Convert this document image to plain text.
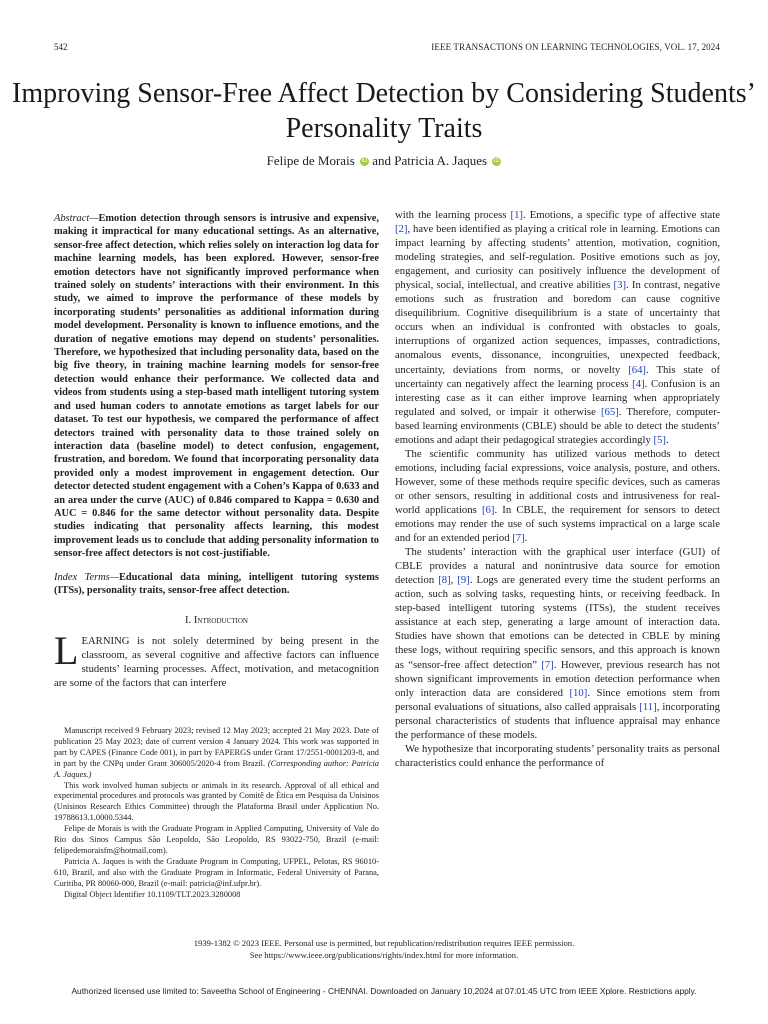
542	IEEE TRANSACTIONS ON LEARNING TECHNOLOGIES, VOL. 17, 2024
Improving Sensor-Free Affect Detection by Considering Students’ Personality Traits
Felipe de Morais iD and Patricia A. Jaques iD

Abstract—Emotion detection through sensors is intrusive and expensive, making it impractical for many educational settings. As an alternative, sensor-free affect detection, which relies solely on interaction log data for machine learning models, has been explored. However, sensor-free emotion detectors have not significantly improved performance when trained solely on students’ interactions with their environment. In this study, we aimed to improve the performance of these models by incorporating students’ personalities as additional information during model development. Personality is known to influence emotions, and the duration of negative emotions may depend on students’ personalities. Therefore, we hypothesized that including personality data, based on the big five theory, in training machine learning models for sensor-free detection would enhance their performance. We collected data and videos from students using a step-based math intelligent tutoring system and used human coders to annotate emotions as target labels for our dataset. To test our hypothesis, we compared the performance of affect detectors trained with personality data to those trained solely on interaction data (baseline model) to detect confusion, engagement, frustration, and boredom. We found that incorporating personality data provided only a modest improvement in engagement detection. Our detector detected student engagement with a Cohen’s Kappa of 0.633 and an area under the curve (AUC) of 0.846 compared to Kappa = 0.630 and AUC = 0.846 for the same detector without personality data. Despite studies indicating that personality affects learning, this modest improvement leads us to conclude that adding personality information to sensor-free affect detectors is not cost-justifiable.

Index Terms—Educational data mining, intelligent tutoring systems (ITSs), personality traits, sensor-free affect detection.

I. Introduction

LEARNING is not solely determined by being present in the classroom, as several cognitive and affective factors can influence students’ learning processes. Affect, motivation, and metacognition are some of the factors that can interfere

Manuscript received 9 February 2023; revised 12 May 2023; accepted 21 May 2023. Date of publication 25 May 2023; date of current version 4 January 2024. This work was supported in part by CAPES (Finance Code 001), in part by FAPERGS under Grant 17/2551-0001203-8, and in part by the CNPq under Grant 306005/2020-4 from Brazil. (Corresponding author: Patricia A. Jaques.)

This work involved human subjects or animals in its research. Approval of all ethical and experimental procedures and protocols was granted by Comitê de Ética em Pesquisa da Unisinos (Unisinos Research Ethics Committee) through the Plataforma Brasil under Application No. 19788613.1.0000.5344.

Felipe de Morais is with the Graduate Program in Applied Computing, University of Vale do Rio dos Sinos Campus São Leopoldo, São Leopoldo, RS 93022-750, Brazil (e-mail: felipedemoraisfm@hotmail.com).

Patricia A. Jaques is with the Graduate Program in Computing, UFPEL, Pelotas, RS 96010-610, Brazil, and also with the Graduate Program in Informatic, Federal University of Parana, Curitiba, PR 80060-000, Brazil (e-mail: patricia@inf.ufpr.br).

Digital Object Identifier 10.1109/TLT.2023.3280008

with the learning process [1]. Emotions, a specific type of affective state [2], have been identified as playing a critical role in learning. Emotions can impact learning by affecting students’ attention, motivation, cognition, modeling strategies, and self-regulation. Positive emotions such as joy, engagement, and curiosity can positively influence the development of physical, social, intellectual, and creative abilities [3]. In contrast, negative emotions such as frustration and boredom can cause cognitive disequilibrium. Cognitive disequilibrium is a state of uncertainty that occurs when an individual is confronted with obstacles to goals, interruptions of organized action sequences, impasses, contradictions, anomalous events, dissonance, incongruities, unexpected feedback, uncertainty, deviations from norms, or novelty [64]. This state of uncertainty can negatively affect the learning process [4]. Confusion is an interesting case as it can either improve learning when appropriately regulated and solved, or impair it otherwise [65]. Therefore, computer-based learning environments (CBLE) should be able to detect the students’ emotions and adapt their pedagogical strategies accordingly [5].

The scientific community has utilized various methods to detect emotions, including facial expressions, voice analysis, posture, and others. However, some of these methods require specific devices, such as cameras or other sensors, resulting in additional costs and intrusiveness for real-world applications [6]. In CBLE, the requirement for sensors to detect emotions may render the use of such systems impractical on a large scale and for an extended period [7].

The students’ interaction with the graphical user interface (GUI) of CBLE provides a natural and nonintrusive data source for emotion detection [8], [9]. Logs are generated every time the student performs an action, such as solving tasks, requesting hints, or receiving feedback. In step-based intelligent tutoring systems (ITSs), the student receives assistance at each step, generating a large amount of interaction data. Studies have shown that emotions can be detected in CBLE by mining these logs, without requiring specific sensors, and this approach is known as “sensor-free affect detection” [7]. However, previous research has not shown significant improvements in emotion detection performance when only interaction data are considered [10]. Since emotions stem from personal evaluations of situations, also called appraisals [11], incorporating personal characteristics of students that influence appraisal may enhance the performance of these models.

We hypothesize that incorporating students’ personality traits as personal characteristics could enhance the performance of

1939-1382 © 2023 IEEE. Personal use is permitted, but republication/redistribution requires IEEE permission.
See https://www.ieee.org/publications/rights/index.html for more information.
Authorized licensed use limited to: Saveetha School of Engineering - CHENNAI. Downloaded on January 10,2024 at 07:01:45 UTC from IEEE Xplore. Restrictions apply.
